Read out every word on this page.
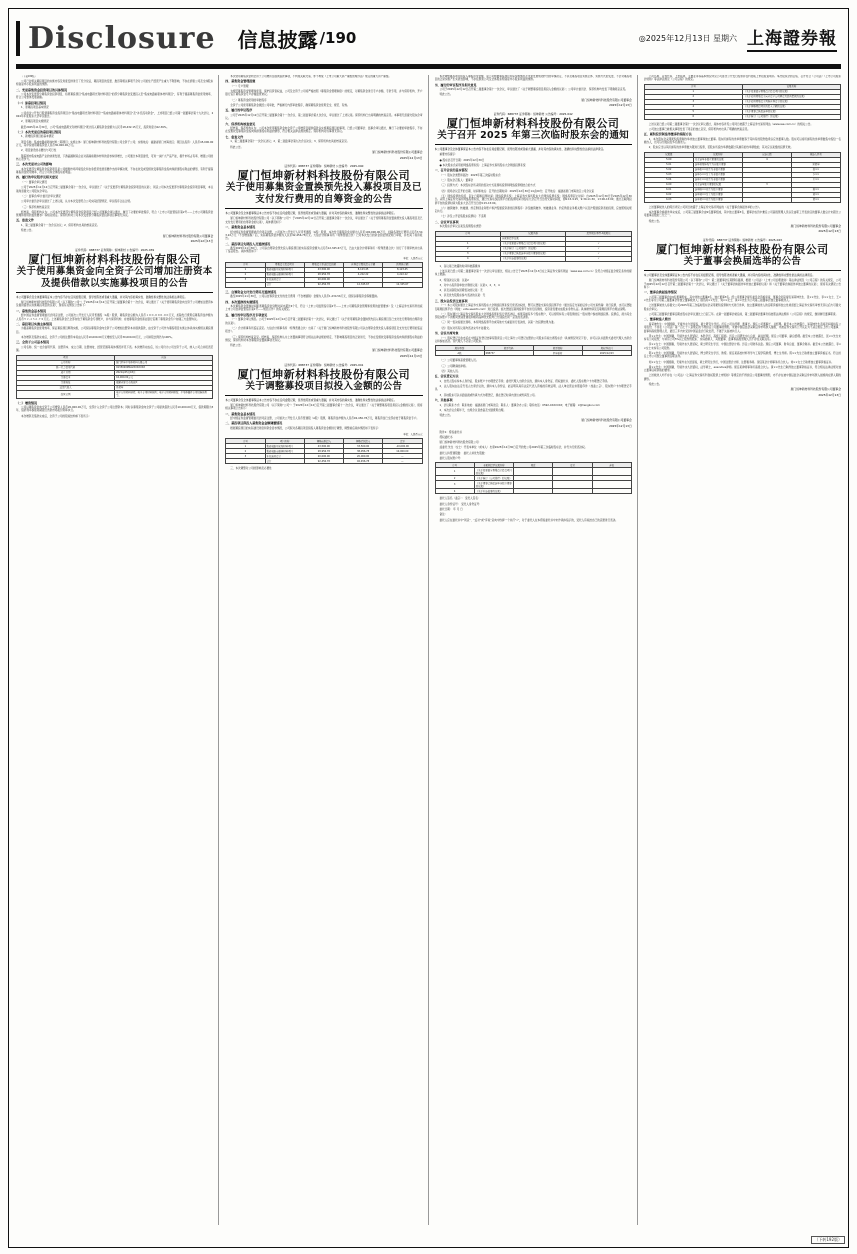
Disclosure	信息披露 /190	◎2025年12月13日 星期六 上海證券報
（上接189版）
公司已对相关募投项目的实施内容及进度安排进行了充分论证，募投项目的变更、推迟等相关事项不会对公司的生产经营产生重大不利影响，不存在损害公司及全体股东特别是中小股东利益的情形。
二、变更募集资金投资项目的具体情况
公司本次变更部分募集资金投资项目，将原募投项目“集成电路用光刻材料项目”的部分募集资金变更投入至“集成电路前驱体材料项目”，有利于提高募集资金使用效率，符合公司整体发展战略。
（一）原募投项目情况
1、原募投项目基本情况
公司首次公开发行股票募集资金投资项目为“集成电路用光刻材料项目”“集成电路前驱体材料项目”及“补充流动资金”，上述项目已经公司第一届董事会第十九次会议、2024年年度股东大会审议通过。
2、原募投项目实施情况
截至2025年11月30日，公司“集成电路用光刻材料项目”累计投入募集资金金额为人民币18,432.15万元，投资进度为42.36%。
（二）本次变更后的募投项目情况
1、新增投资项目的基本情况
项目名称：集成电路前驱体材料二期项目；实施主体：厦门恒坤新材料科技股份有限公司全资子公司；实施地点：福建省厦门市海沧区；项目总投资：人民币45,000.00万元，其中拟使用募集资金人民币30,000.00万元。
2、项目建设的必要性与可行性
随着国内集成电路产业的快速发展，下游晶圆制造企业对高端前驱体材料的需求持续增长，公司通过本项目建设，可进一步扩大产品产能，提升市场占有率，增强公司的核心竞争力。
三、本次变更对公司的影响
本次变更部分募集资金投资项目是公司根据市场环境变化和自身经营发展需要作出的审慎决策，不存在改变或变相改变募集资金投向和损害股东利益的情形，有利于提高募集资金使用效率，符合公司和全体股东的利益。
四、履行的审议程序及相关意见
（一）董事会审议情况
公司于2025年12月12日召开第二届董事会第十一次会议，审议通过了《关于变更部分募集资金投资项目的议案》，同意公司本次变更部分募集资金投资项目事项，本议案尚需提交公司股东会审议。
（二）监事会/审计委员会审议情况
公司审计委员会审议通过了上述议案，认为本次变更符合公司实际经营情况，审议程序合法合规。
（三）保荐机构核查意见
经核查，保荐机构认为：公司本次变更部分募集资金投资项目已经公司董事会审议通过，履行了必要的审批程序，符合《上市公司监管指引第2号——上市公司募集资金管理和使用的监管要求》等相关规定。保荐机构对公司本次变更部分募集资金投资项目事项无异议。
五、备查文件
1、第二届董事会第十一次会议决议；2、保荐机构出具的核查意见。
特此公告。
厦门恒坤新材料科技股份有限公司董事会
2025年12月13日
证券代码：688737 证券简称：恒坤新材 公告编号：2025-039
厦门恒坤新材料科技股份有限公司
关于使用募集资金向全资子公司增加注册资本及提供借款以实施募投项目的公告
本公司董事会及全体董事保证本公告内容不存在任何虚假记载、误导性陈述或者重大遗漏，并对其内容的真实性、准确性和完整性依法承担法律责任。
厦门恒坤新材料科技股份有限公司（以下简称“公司”）于2025年12月12日召开第二届董事会第十一次会议，审议通过了《关于使用募集资金向全资子公司增加注册资本及提供借款以实施募投项目的议案》，现将有关情况公告如下：
一、募集资金基本情况
经中国证券监督管理委员会同意注册，公司首次公开发行人民币普通股（A股）股票，募集资金总额为人民币１００,０００.００万元，扣除发行费用后募集资金净额为人民币９２,４５６.７８万元。上述募集资金已全部存放于募集资金专项账户，并与保荐机构、存放募集资金的商业银行签署了募集资金专户存储三方监管协议。
二、募投项目实施主体情况
为提高募集资金使用效率，保证募投项目顺利实施，公司拟以募集资金向全资子公司增加注册资本并提供借款，由全资子公司作为募投项目实施主体具体实施相关募投项目。
本次增资及借款完成后，全资子公司的注册资本将由人民币10,000.00万元增加至人民币30,000.00万元，公司持股比例仍为100%。
三、全资子公司基本情况
公司名称、统一社会信用代码、注册资本、成立日期、注册地址、经营范围等具体情况详见下表。本次增资完成后，该公司仍为公司全资子公司，纳入公司合并报表范围。
项目	内容
公司名称	厦门恒坤半导体材料有限公司
统一社会信用代码	91350200MA2XXXXXXX
成立日期	2021年05月18日
注册资本	10,000.00万元
注册地址	福建省厦门市海沧区
法定代表人	易荣坤
经营范围	电子专用材料制造；电子专用材料销售；电子专用材料研发；半导体器件专用设备销售等。
（二）增资情况
公司以募集资金向全资子公司增资人民币20,000.00万元，全部计入全资子公司注册资本；同时以募集资金向全资子公司提供借款人民币10,000.00万元，借款期限为3年，借款利率参照同期银行贷款市场报价利率执行。
本次增资及借款完成后，全资子公司的股权结构如下表所示：
本次使用募集资金向全资子公司增资及提供借款事项，不构成关联交易，亦不构成《上市公司重大资产重组管理办法》规定的重大资产重组。
四、募集资金管理措施
（一）专户管理
为规范募集资金管理和使用，保护投资者权益，公司及全资子公司将严格按照《募集资金管理制度》的规定，对募集资金进行专户存储、专款专用，并与保荐机构、开户银行签订募集资金专户存储监管协议。
（二）募集资金使用的审批程序
全资子公司使用募集资金须经公司审批，严格履行内部审批程序，确保募集资金使用安全、规范、有效。
五、履行的审议程序
公司于2025年12月12日召开第二届董事会第十一次会议、第二届监事会第九次会议，审议通过了上述议案。保荐机构已出具明确的核查意见。本事项无需提交股东会审议。
六、保荐机构核查意见
经核查，保荐机构认为：公司本次使用募集资金向全资子公司增资及提供借款以实施募投项目的事项，已经公司董事会、监事会审议通过，履行了必要的审批程序，不存在变相改变募集资金投向和损害股东利益的情形，符合相关法律法规的规定。保荐机构对该事项无异议。
七、备查文件
1、第二届董事会第十一次会议决议；2、第二届监事会第九次会议决议；3、保荐机构出具的核查意见。
特此公告。
厦门恒坤新材料科技股份有限公司董事会
2025年12月13日
证券代码：688737 证券简称：恒坤新材 公告编号：2025-040
厦门恒坤新材料科技股份有限公司
关于使用募集资金置换预先投入募投项目及已支付发行费用的自筹资金的公告
本公司董事会及全体董事保证本公告内容不存在任何虚假记载、误导性陈述或者重大遗漏，并对其内容的真实性、准确性和完整性依法承担法律责任。
厦门恒坤新材料科技股份有限公司（以下简称“公司”）于2025年12月12日召开第二届董事会第十一次会议，审议通过了《关于使用募集资金置换预先投入募投项目及已支付发行费用的自筹资金的议案》，具体情况如下：
一、募集资金基本情况
经中国证券监督管理委员会同意注册，公司首次公开发行人民币普通股（A股）股票，本次发行募集资金总额为人民币100,000.00万元，扣除各项发行费用人民币7,543.22万元（不含增值税）后，实际募集资金净额为人民币92,456.78万元。大信会计师事务所（特殊普通合伙）已对本次发行的资金到位情况进行审验，并出具了验资报告。
二、募投项目先期投入及置换情况
截至2025年11月30日，公司以自筹资金预先投入募投项目的实际投资金额为人民币12,345.67万元，已由大信会计师事务所（特殊普通合伙）进行了专项审核并出具了鉴证报告。具体情况如下：
单位：人民币万元
序号	募集资金投资项目	募集资金承诺投资总额	自筹资金预先投入金额	拟置换金额
1	集成电路用光刻材料项目	43,500.00	8,123.45	8,123.45
2	集成电路前驱体材料项目	28,956.78	4,222.22	4,222.22
3	补充流动资金	20,000.00	—	—
	合计	92,456.78	12,345.67	12,345.67
三、自筹资金支付发行费用及置换情况
截至2025年11月30日，公司以自筹资金支付的发行费用（不含增值税）金额为人民币1,234.56万元，现拟以募集资金等额置换。
四、本次置换的实施情况
本次募集资金置换时间距离募集资金到账时间未超过6个月，符合《上市公司监管指引第2号——上市公司募集资金管理和使用的监管要求》及《上海证券交易所科创板上市公司自律监管指引第1号——规范运作》的有关规定。
五、履行的审议程序及专项意见
（一）董事会审议情况。公司于2025年12月12日召开第二届董事会第十一次会议，审议通过了《关于使用募集资金置换预先投入募投项目及已支付发行费用的自筹资金的议案》。
（二）会计师事务所鉴证意见。大信会计师事务所（特殊普通合伙）出具了《关于厦门恒坤新材料科技股份有限公司以自筹资金预先投入募投项目及支付发行费用的鉴证报告》。
（三）保荐机构核查意见。经核查，保荐机构认为上述置换事项符合相关法律法规的规定，不影响募投项目的正常进行，不存在变相改变募集资金投向和损害股东利益的情况，保荐机构对本次募集资金置换事项无异议。
特此公告。
厦门恒坤新材料科技股份有限公司董事会
2025年12月13日
证券代码：688737 证券简称：恒坤新材 公告编号：2025-041
厦门恒坤新材料科技股份有限公司
关于调整募投项目拟投入金额的公告
本公司董事会及全体董事保证本公告内容不存在任何虚假记载、误导性陈述或者重大遗漏，并对其内容的真实性、准确性和完整性依法承担法律责任。
厦门恒坤新材料科技股份有限公司（以下简称“公司”）于2025年12月12日召开第二届董事会第十一次会议，审议通过了《关于调整募投项目拟投入金额的议案》，现将相关事项公告如下：
一、募集资金基本情况
经中国证券监督管理委员会同意注册，公司首次公开发行人民币普通股（A股）股票，募集资金净额为人民币92,456.78万元，募集资金已全部存放于募集资金专户。
二、募投项目拟投入募集资金金额调整情况
根据募投项目的实际建设进度和资金需求情况，公司拟对各募投项目拟投入募集资金金额进行调整，调整前后具体情况如下表所示：
单位：人民币万元
序号	项目名称	调整前拟投入	调整后拟投入	差异
1	集成电路用光刻材料项目	43,500.00	33,500.00	-10,000.00
2	集成电路前驱体材料项目	28,956.78	38,956.78	10,000.00
3	补充流动资金	20,000.00	20,000.00	—
	合计	92,456.78	92,456.78	—
三、本次调整对公司的影响及必要性
本次调整募投项目拟投入募集资金金额，是公司根据募投项目实际实施情况及未来发展规划作出的审慎决定，不涉及募投项目实施主体、实施方式的变更，不会对募投项目的正常实施产生实质性影响，不存在损害公司及全体股东特别是中小股东利益的情形。
四、履行的审议程序及相关意见
公司于2025年12月12日召开第二届董事会第十一次会议，审议通过了《关于调整募投项目拟投入金额的议案》；公司审计委员会、保荐机构均发表了明确同意意见。
特此公告。
厦门恒坤新材料科技股份有限公司董事会
2025年12月13日
证券代码：688737 证券简称：恒坤新材 公告编号：2025-042
厦门恒坤新材料科技股份有限公司
关于召开 2025 年第三次临时股东会的通知
本公司董事会及全体董事保证本公告内容不存在任何虚假记载、误导性陈述或者重大遗漏，并对其内容的真实性、准确性和完整性依法承担法律责任。
重要内容提示：
● 股东会召开日期：2025年12月30日
● 本次股东会采用的网络投票系统：上海证券交易所股东大会网络投票系统
一、召开会议的基本情况
（一）股东会类型和届次：2025年第三次临时股东会
（二）股东会召集人：董事会
（三）投票方式：本次股东会所采用的表决方式是现场投票和网络投票相结合的方式
（四）现场会议召开的日期、时间和地点：召开的日期时间：2025年12月30日14点00分；召开地点：福建省厦门市海沧区公司会议室
（五）网络投票的系统、起止日期和投票时间：网络投票系统：上海证券交易所股东大会网络投票系统；网络投票起止时间：自2025年12月30日至2025年12月30日。采用上海证券交易所网络投票系统，通过交易系统投票平台的投票时间为股东大会召开当日的交易时间段，即9:15-9:25、9:30-11:30、13:00-15:00；通过互联网投票平台的投票时间为股东大会召开当日的9:15-15:00。
（六）融资融券、转融通、约定购回业务账户和沪股通投资者的投票程序：涉及融资融券、转融通业务、约定购回业务相关账户以及沪股通投资者的投票，应按照相关规定执行。
（七）涉及公开征集股东投票权：不适用
二、会议审议事项
本次股东会审议议案及投票股东类型：
序号	议案名称	投票股东类型 A股股东
	非累积投票议案	
1	《关于变更部分募集资金投资项目的议案》	√
2	《关于修订〈公司章程〉的议案》	√
3	《关于董事会换届选举非独立董事的议案》	√
4	《关于补选监事的议案》	√
1、各议案已披露的时间和披露媒体
上述议案已经公司第二届董事会第十一次会议审议通过，相关公告已于2025年12月13日在上海证券交易所网站（www.sse.com.cn）及符合中国证监会规定条件的媒体上披露。
2、特别决议议案：议案2
3、对中小投资者单独计票的议案：议案1、2、3、4
4、涉及关联股东回避表决的议案：无
5、涉及优先股股东参与表决的议案：无
三、股东会投票注意事项
（一）本公司股东通过上海证券交易所股东大会网络投票系统行使表决权的，既可以登陆交易系统投票平台（通过指定交易的证券公司交易终端）进行投票，也可以登陆互联网投票平台（网址：vote.sseinfo.com）进行投票。首次登陆互联网投票平台进行投票的，投资者需要完成股东身份认证。具体操作请见互联网投票平台网站说明。
（二）股东通过上海证券交易所股东大会网络投票系统行使表决权，如果其拥有多个股东账户，可以使用持有公司股票的任一股东账户参加网络投票。投票后，视为其全部股东账户下的相同类别普通股和相同品种优先股均已分别投出同一意见的表决票。
（三）同一表决权通过现场、本所网络投票平台或其他方式重复进行表决的，以第一次投票结果为准。
（四）股东对所有议案均表决完毕才能提交。
四、会议出席对象
（一）股权登记日收市后在中国证券登记结算有限责任公司上海分公司登记在册的公司股东有权出席股东会（具体情况详见下表），并可以以书面形式委托代理人出席会议和参加表决。该代理人不必是公司股东。
股份类别	股票代码	股票简称	股权登记日
A股	688737	恒坤新材	2025/12/23
（二）公司董事和高级管理人员。
（三）公司聘请的律师。
（四）其他人员。
五、会议登记方法
1、自然人股东持本人身份证、股东账户卡办理登记手续；委托代理人出席会议的，须持本人身份证、授权委托书、委托人股东账户卡办理登记手续。
2、法人股东由法定代表人出席会议的，须持本人身份证、能证明其具有法定代表人资格的有效证明、法人单位营业执照复印件（加盖公章）、股东账户卡办理登记手续。
3、异地股东可以书面信函或传真方式办理登记，须在登记时间内送达或传真至公司。
六、其他事项
1、会议联系方式：联系地址：福建省厦门市海沧区；联系人：董事会办公室；联系电话：0592-XXXXXXX；电子邮箱：ir@hengkun.com
2、本次会议会期半天，出席会议者食宿及交通费用自理。
特此公告。
厦门恒坤新材料科技股份有限公司董事会
2025年12月13日
附件1：授权委托书
授权委托书
厦门恒坤新材料科技股份有限公司：
兹委托 先生（女士）代表本单位（或本人）出席2025年12月30日召开的贵公司2025年第三次临时股东会，并代为行使表决权。
委托人持普通股数： 委托人持优先股数：
委托人股东账户号：
序号	非累积投票议案名称	同意	反对	弃权
1	《关于变更部分募集资金投资项目的议案》			
2	《关于修订〈公司章程〉的议案》			
3	《关于董事会换届选举非独立董事的议案》			
4	《关于补选监事的议案》			
委托人签名（盖章）： 受托人签名：
委托人身份证号： 受托人身份证号：
委托日期： 年 月 日
备注：
委托人应在委托书中“同意”、“反对”或“弃权”意向中选择一个并打“√”，对于委托人在本授权委托书中未作具体指示的，受托人有权按自己的意愿进行表决。
公司名称、证券代码、上市板块、主要业务等基本情况详见公司首次公开发行股票并在科创板上市招股说明书。本次股东会的召集、召开符合《公司法》《上市公司股东会规则》等法律法规及《公司章程》的规定。
序号	议案名称
1	《关于变更部分募集资金投资项目的议案》
2	《关于使用募集资金向全资子公司增资及提供借款的议案》
3	《关于使用募集资金置换自筹资金的议案》
4	《关于调整募投项目拟投入金额的议案》
5	《关于董事会换届选举的议案》
6	《关于修订〈公司章程〉的议案》
上述议案已经公司第二届董事会第十一次会议审议通过，具体内容详见公司同日披露于上海证券交易所网站（www.sse.com.cn）的相关公告。
公司独立董事已就相关事项发表了同意的独立意见，保荐机构亦出具了明确的核查意见。
五、累积投票制选举董事的填报方法
1、本次股东会采用累积投票制选举非独立董事和独立董事。股东所拥有的选举票数等于其持有的股份数乘以应选董事人数。股东可以将所拥有的选举票数集中投给一名候选人，也可以分散投给多名候选人。
2、股东应当以其所拥有的选举票数为限进行投票，若股东所投选举票数超过其拥有的选举票数的，其对应议案组的投票无效。
议案组	议案名称	应选人数	候选人姓名
5.00	关于选举非独立董事的议案	4	
5.01	选举易荣坤先生为非独立董事		易荣坤
5.02	选举张××先生为非独立董事		张××
5.03	选举李××女士为非独立董事		李××
5.04	选举王××先生为非独立董事		王××
6.00	关于选举独立董事的议案	3	
6.01	选举陈××先生为独立董事		陈××
6.02	选举刘××女士为独立董事		刘××
6.03	选举黄××先生为独立董事		黄××
上述董事候选人的简历详见公司同日披露于上海证券交易所网站的《关于董事会换届选举的公告》。
本次董事会换届选举完成后，公司第三届董事会由9名董事组成，其中独立董事3名，董事会成员中兼任公司高级管理人员以及由职工代表担任的董事人数总计未超过公司董事总数的二分之一。
特此公告。
厦门恒坤新材料科技股份有限公司董事会
2025年12月13日
证券代码：688737 证券简称：恒坤新材 公告编号：2025-043
厦门恒坤新材料科技股份有限公司
关于董事会换届选举的公告
本公司董事会及全体董事保证本公告内容不存在任何虚假记载、误导性陈述或者重大遗漏，并对其内容的真实性、准确性和完整性依法承担法律责任。
厦门恒坤新材料科技股份有限公司（以下简称“公司”）第二届董事会任期即将届满，根据《公司法》《上市公司治理准则》等法律法规及《公司章程》的有关规定，公司于2025年12月12日召开第二届董事会第十一次会议，审议通过了《关于董事会换届选举非独立董事的议案》和《关于董事会换届选举独立董事的议案》，现将有关情况公告如下：
一、董事会换届选举情况
公司第三届董事会由9名董事组成，其中非独立董事6名，独立董事3名。经公司董事会提名委员会资格审查，董事会同意提名易荣坤先生、张××先生、李××女士、王××先生等为公司第三届董事会非独立董事候选人；提名陈××先生、刘××女士、黄××先生为公司第三届董事会独立董事候选人。
上述董事候选人将提交公司2025年第三次临时股东会采用累积投票制方式进行选举，独立董事候选人的任职资格和独立性尚需经上海证券交易所审核无异议后方可提交股东会审议。
公司第三届董事会董事任期自股东会审议通过之日起三年。在新一届董事会就任前，第二届董事会董事仍将按照法律法规和《公司章程》的规定，继续履行董事职责。
二、董事候选人简历
易荣坤先生：中国国籍，无境外永久居留权，硕士研究生学历。历任公司总经理、董事长。现任公司董事长、总经理。截至本公告披露日，易荣坤先生直接及间接持有公司股份，不存在《公司法》第一百七十八条规定的不得担任公司董事的情形，未被中国证监会采取证券市场禁入措施，未被证券交易所公开认定为不适合担任上市公司董事、监事和高级管理人员，最近三年内未受到中国证监会行政处罚，不属于失信被执行人。
张××先生：中国国籍，无境外永久居留权，本科学历，高级工程师。历任公司研发中心总监、副总经理。现任公司董事、副总经理。截至本公告披露日，张××先生未持有公司股份，与持有公司5%以上股份的股东、实际控制人、其他董事、监事和高级管理人员不存在关联关系。
李××女士：中国国籍，无境外永久居留权，硕士研究生学历，中国注册会计师。历任公司财务总监。现任公司董事、财务总监、董事会秘书。截至本公告披露日，李××女士未持有公司股份。
陈××先生：中国国籍，无境外永久居留权，博士研究生学历，教授。现任某高校材料科学与工程学院教授、博士生导师。陈××先生已取得独立董事资格证书，符合担任上市公司独立董事的任职条件。
刘××女士：中国国籍，无境外永久居留权，硕士研究生学历，中国注册会计师、注册税务师。现任某会计师事务所合伙人。刘××女士已取得独立董事资格证书。
黄××先生：中国国籍，无境外永久居留权，法学硕士，executive律师。现任某律师事务所高级合伙人。黄××先生已取得独立董事资格证书，符合相关法律法规对独立董事任职资格的要求。
上述候选人均不存在《公司法》《上海证券交易所科创板股票上市规则》等规定的不得担任公司董事的情形，亦不存在被中国证监会采取证券市场禁入措施尚在禁入期的情形。
特此公告。
厦门恒坤新材料科技股份有限公司董事会
2025年12月13日
（下转192版）
